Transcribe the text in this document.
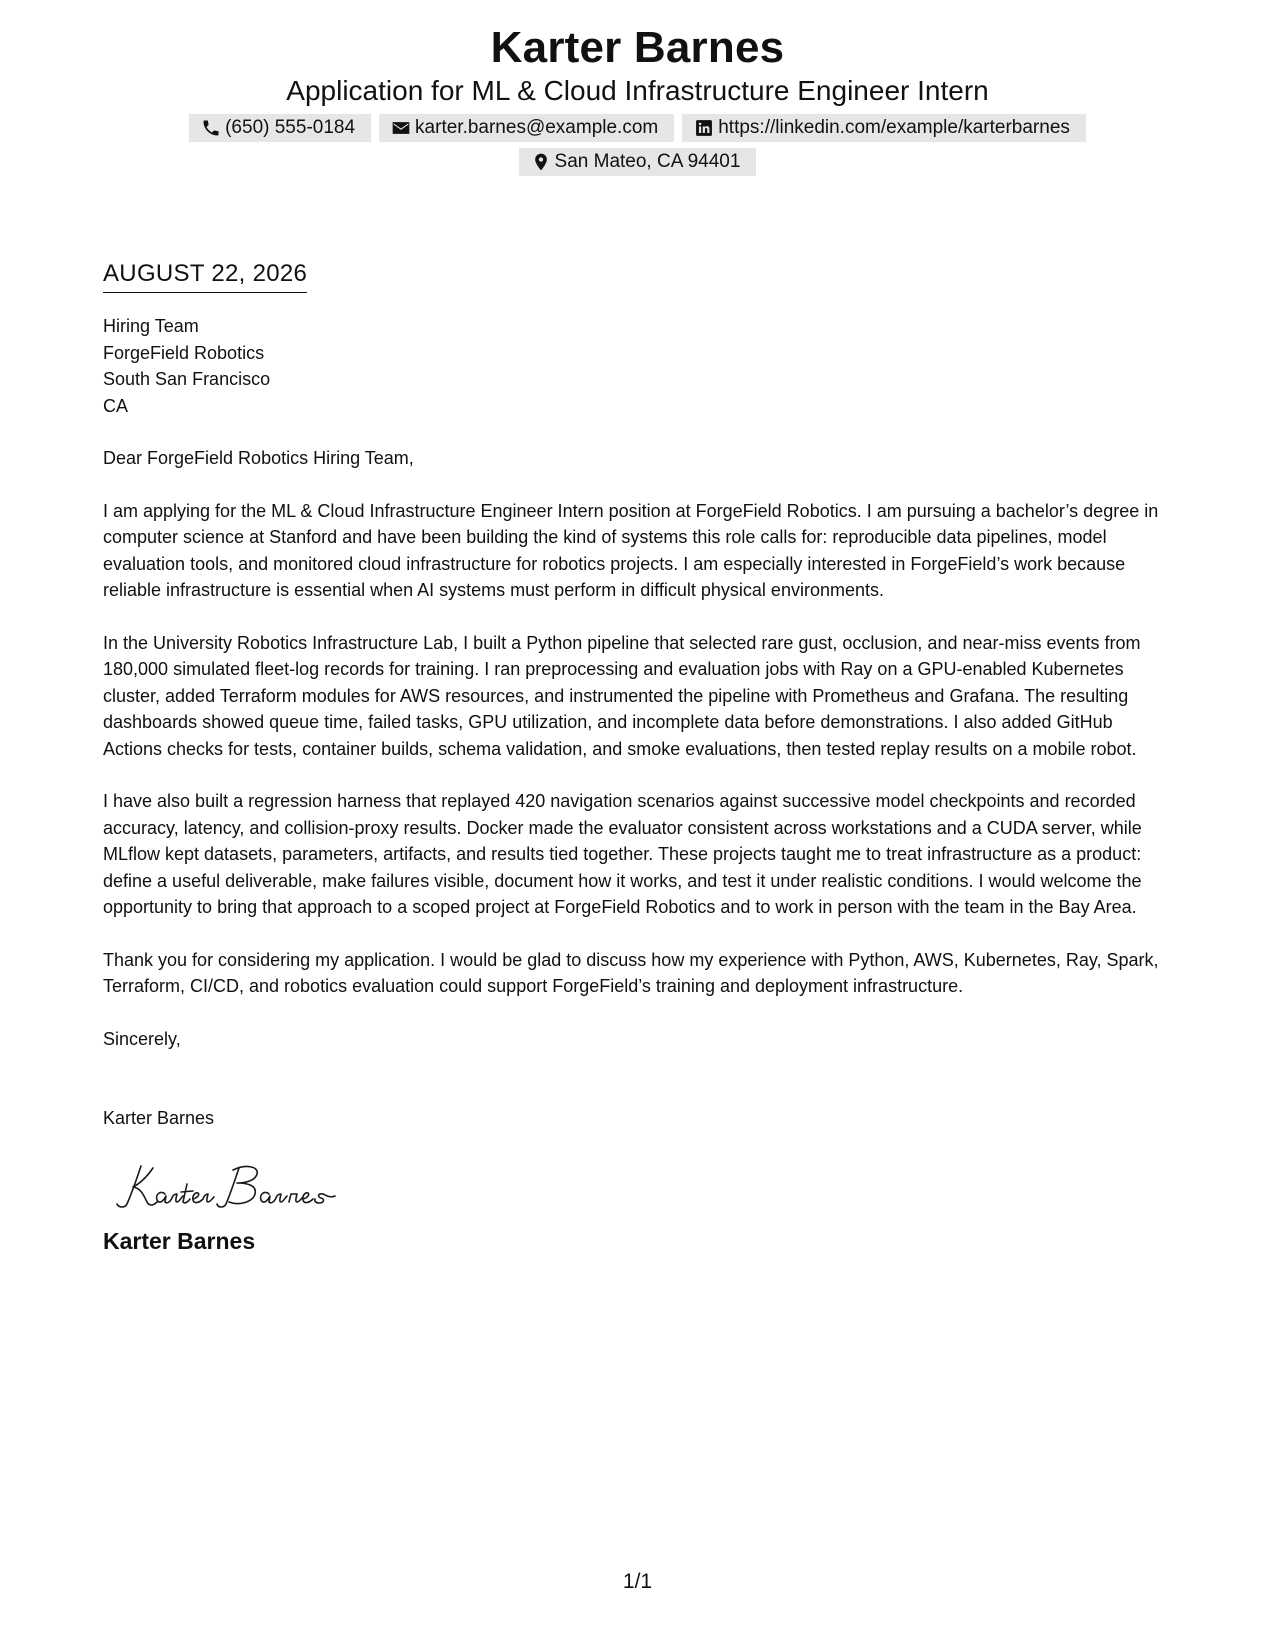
Karter Barnes
Application for ML & Cloud Infrastructure Engineer Intern
(650) 555-0184	karter.barnes@example.com	https://linkedin.com/example/karterbarnes
San Mateo, CA 94401
AUGUST 22, 2026
Hiring Team
ForgeField Robotics
South San Francisco
CA
Dear ForgeField Robotics Hiring Team,

I am applying for the ML & Cloud Infrastructure Engineer Intern position at ForgeField Robotics. I am pursuing a bachelor’s degree in computer science at Stanford and have been building the kind of systems this role calls for: reproducible data pipelines, model evaluation tools, and monitored cloud infrastructure for robotics projects. I am especially interested in ForgeField’s work because reliable infrastructure is essential when AI systems must perform in difficult physical environments.

In the University Robotics Infrastructure Lab, I built a Python pipeline that selected rare gust, occlusion, and near-miss events from 180,000 simulated fleet-log records for training. I ran preprocessing and evaluation jobs with Ray on a GPU-enabled Kubernetes cluster, added Terraform modules for AWS resources, and instrumented the pipeline with Prometheus and Grafana. The resulting dashboards showed queue time, failed tasks, GPU utilization, and incomplete data before demonstrations. I also added GitHub Actions checks for tests, container builds, schema validation, and smoke evaluations, then tested replay results on a mobile robot.

I have also built a regression harness that replayed 420 navigation scenarios against successive model checkpoints and recorded accuracy, latency, and collision-proxy results. Docker made the evaluator consistent across workstations and a CUDA server, while MLflow kept datasets, parameters, artifacts, and results tied together. These projects taught me to treat infrastructure as a product: define a useful deliverable, make failures visible, document how it works, and test it under realistic conditions. I would welcome the opportunity to bring that approach to a scoped project at ForgeField Robotics and to work in person with the team in the Bay Area.

Thank you for considering my application. I would be glad to discuss how my experience with Python, AWS, Kubernetes, Ray, Spark, Terraform, CI/CD, and robotics evaluation could support ForgeField’s training and deployment infrastructure.

Sincerely,
Karter Barnes
Karter Barnes
1/1
